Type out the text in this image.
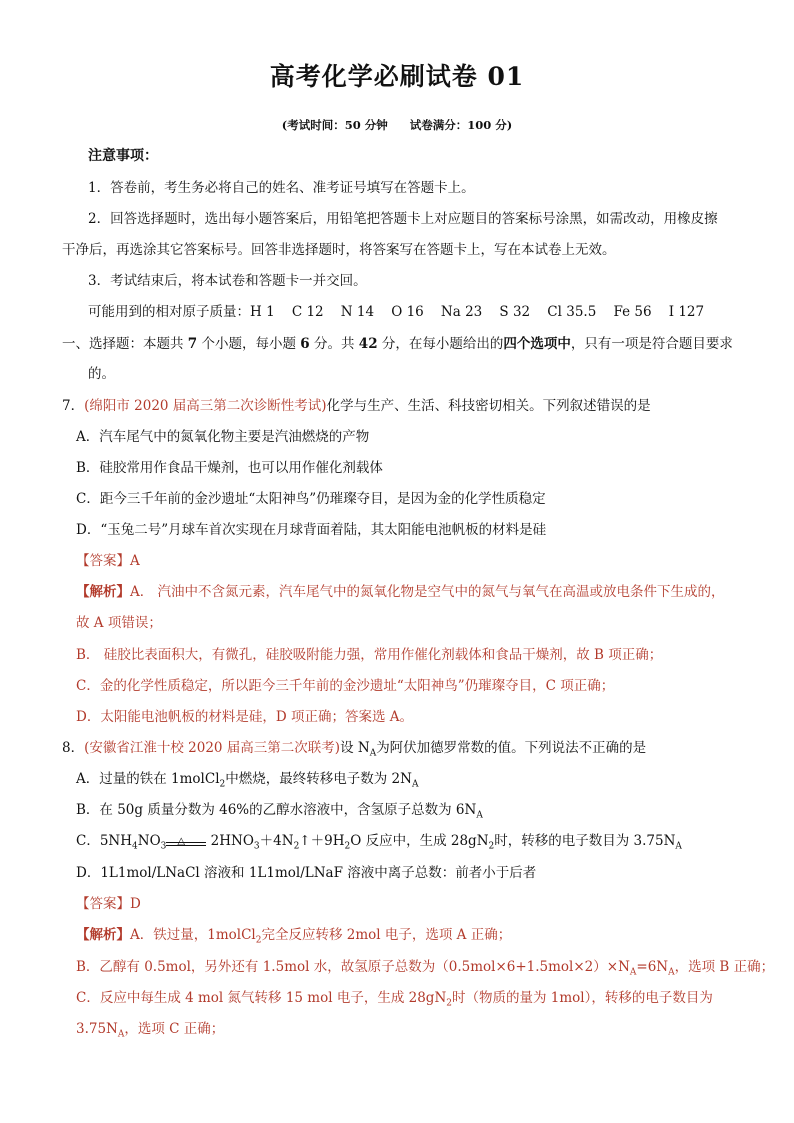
高考化学必刷试卷 01
(考试时间：50 分钟 试卷满分：100 分)
注意事项：
1．答卷前，考生务必将自己的姓名、准考证号填写在答题卡上。
2．回答选择题时，选出每小题答案后，用铅笔把答题卡上对应题目的答案标号涂黑，如需改动，用橡皮擦
干净后，再选涂其它答案标号。回答非选择题时，将答案写在答题卡上，写在本试卷上无效。
3．考试结束后，将本试卷和答题卡一并交回。
可能用到的相对原子质量：H 1    C 12    N 14    O 16    Na 23    S 32    Cl 35.5    Fe 56    I 127
一、选择题：本题共 7 个小题，每小题 6 分。共 42 分，在每小题给出的四个选项中，只有一项是符合题目要求
的。
7．(绵阳市 2020 届高三第二次诊断性考试)化学与生产、生活、科技密切相关。下列叙述错误的是
A．汽车尾气中的氮氧化物主要是汽油燃烧的产物
B．硅胶常用作食品干燥剂，也可以用作催化剂载体
C．距今三千年前的金沙遗址“太阳神鸟”仍璀璨夺目，是因为金的化学性质稳定
D．“玉兔二号”月球车首次实现在月球背面着陆，其太阳能电池帆板的材料是硅
【答案】A
【解析】A． 汽油中不含氮元素，汽车尾气中的氮氧化物是空气中的氮气与氧气在高温或放电条件下生成的，
故 A 项错误；
B． 硅胶比表面积大，有微孔，硅胶吸附能力强，常用作催化剂载体和食品干燥剂，故 B 项正确；
C．金的化学性质稳定，所以距今三千年前的金沙遗址“太阳神鸟”仍璀璨夺目，C 项正确；
D．太阳能电池帆板的材料是硅，D 项正确；答案选 A。
8．(安徽省江淮十校 2020 届高三第二次联考)设 $N_A$为阿伏加德罗常数的值。下列说法不正确的是
A．过量的铁在 1molCl$_2$中燃烧，最终转移电子数为 $2N_A$
B．在 50g 质量分数为 46%的乙醇水溶液中，含氢原子总数为 $6N_A$
C．$5NH_4NO_3$
△ $2HNO_3+4N_2↑+9H_2O$ 反应中，生成 $28gN_2$时，转移的电子数目为 $3.75N_A$
D．1L1mol/LNaCl 溶液和 1L1mol/LNaF 溶液中离子总数：前者小于后者
【答案】D
【解析】A．铁过量，1molCl$_2$完全反应转移 2mol 电子，选项 A 正确；
B．乙醇有 0.5mol，另外还有 1.5mol 水，故氢原子总数为$(0.5mol\times 6+1.5mol\times 2)\times N_A=6N_A$，选项 B 正确；
C．反应中每生成 4 mol 氮气转移 15 mol 电子，生成 $28gN_2$时（物质的量为 1mol），转移的电子数目为
$3.75N_A$，选项 C 正确；
